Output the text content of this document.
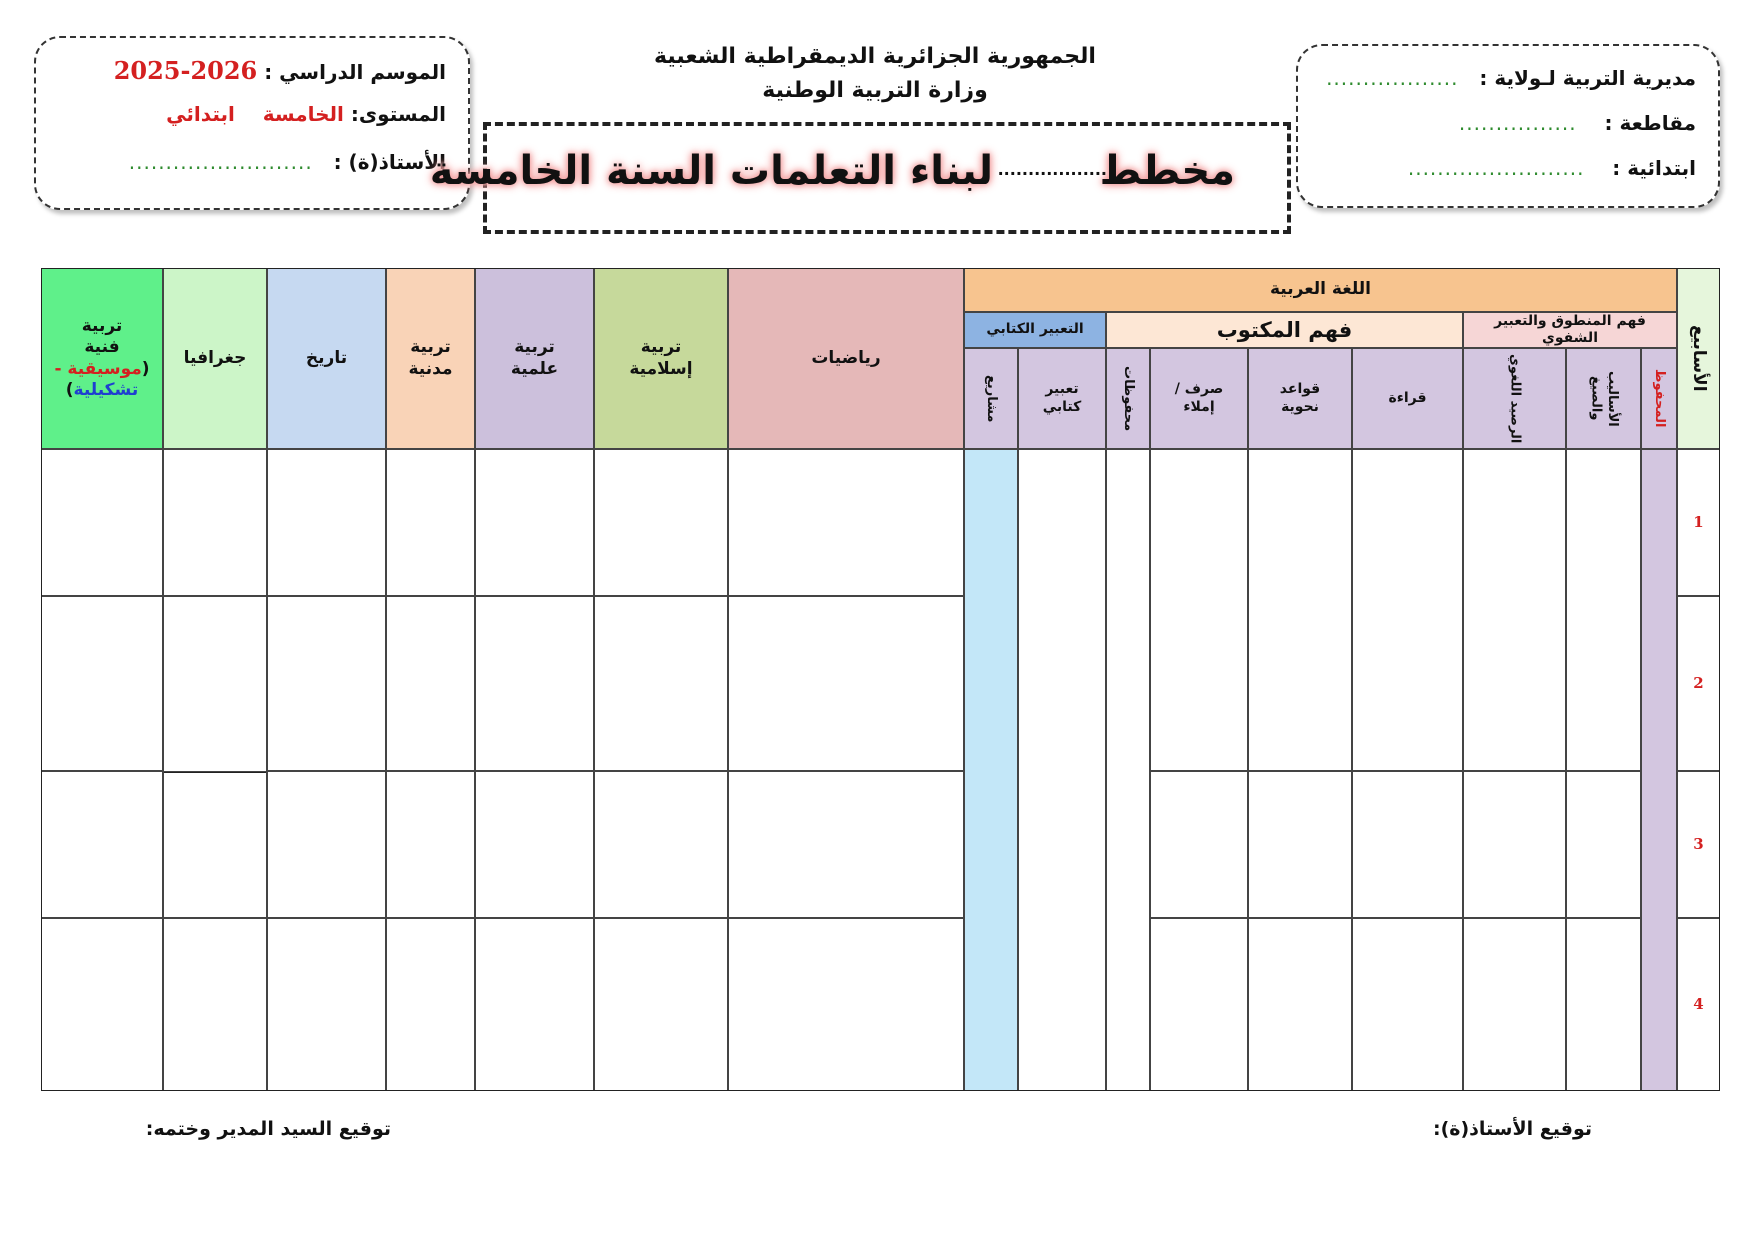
الموسم الدراسي : 2026-2025
المستوى: الخامسة    ابتدائي
الأستاذ(ة) :   .........................
الجمهورية الجزائرية الديمقراطية الشعبية
وزارة التربية الوطنية
مخطط
..................
لبناء التعلمات السنة الخامسة
مديرية التربية لـولاية :   ..................
مقاطعة :    ................
ابتدائية :    ........................
الأسابيع
اللغة العربية
فهم المنطوق والتعبير الشفوي
فهم المكتوب
التعبير الكتابي
المحفوظ
الأساليب والصيغ
الرصيد اللغوي
قراءة
قواعد نحوية
صرف / إملاء
محفوظات
تعبير كتابي
مشاريع
رياضيات
تربية إسلامية
تربية علمية
تربية مدنية
تاريخ
جغرافيا
تربية فنية
(موسيقية -
تشكيلية)
1
2
3
4
توقيع الأستاذ(ة):
توقيع السيد المدير وختمه:
